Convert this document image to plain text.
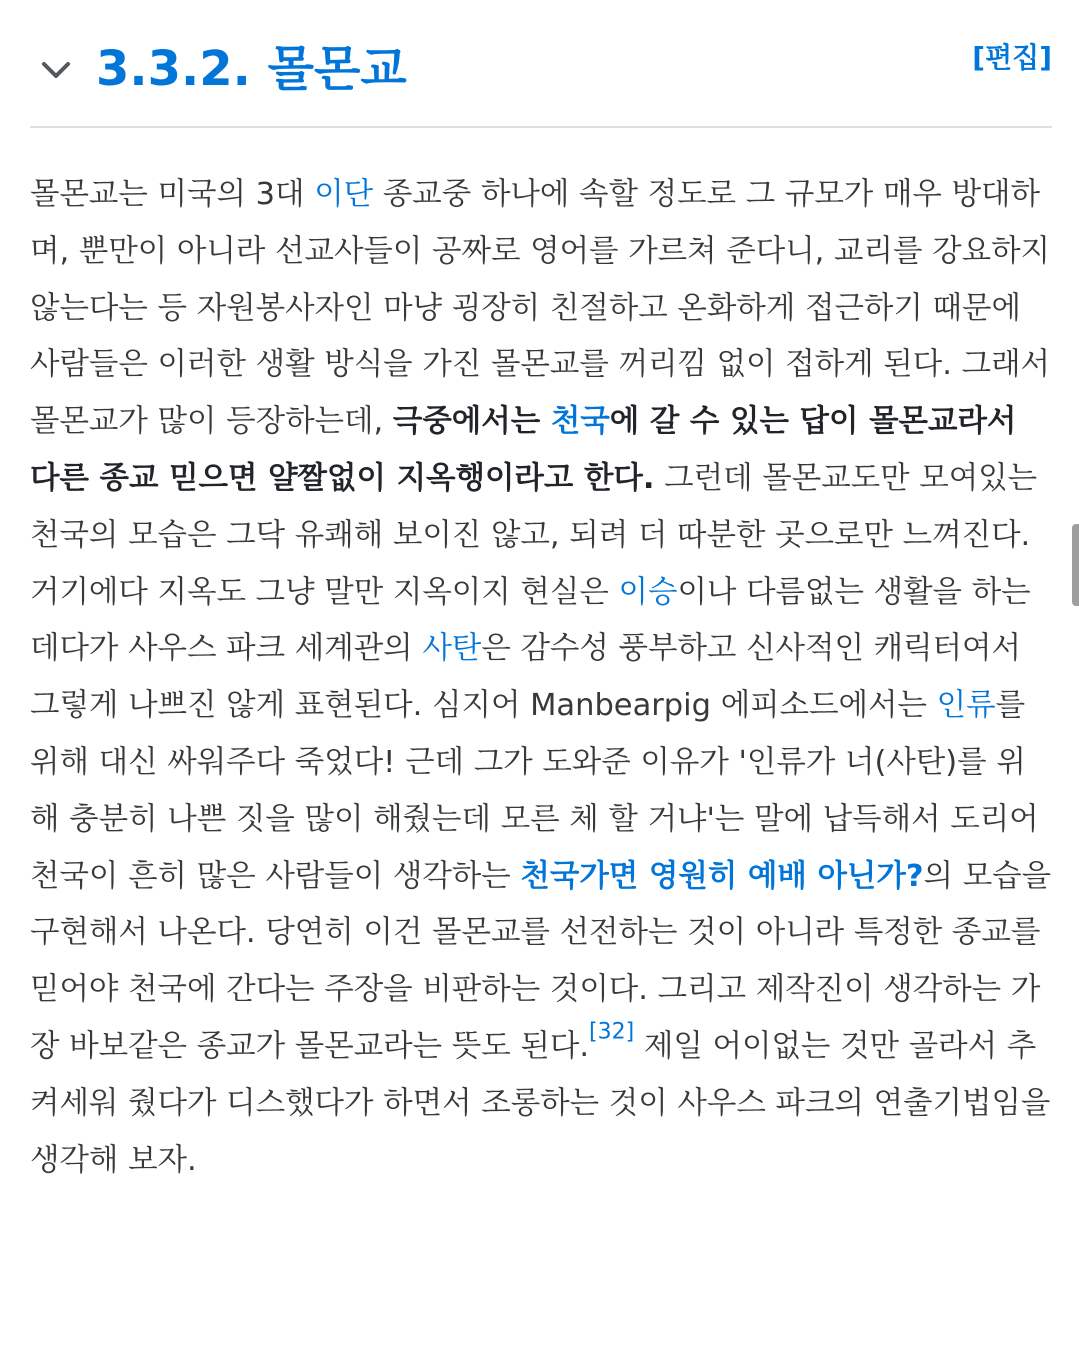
3.3.2. 몰몬교	[편집]

몰몬교는 미국의 3대 이단 종교중 하나에 속할 정도로 그 규모가 매우 방대하며, 뿐만이 아니라 선교사들이 공짜로 영어를 가르쳐 준다니, 교리를 강요하지 않는다는 등 자원봉사자인 마냥 굉장히 친절하고 온화하게 접근하기 때문에 사람들은 이러한 생활 방식을 가진 몰몬교를 꺼리낌 없이 접하게 된다. 그래서 몰몬교가 많이 등장하는데, 극중에서는 천국에 갈 수 있는 답이 몰몬교라서 다른 종교 믿으면 얄짤없이 지옥행이라고 한다. 그런데 몰몬교도만 모여있는 천국의 모습은 그닥 유쾌해 보이진 않고, 되려 더 따분한 곳으로만 느껴진다. 거기에다 지옥도 그냥 말만 지옥이지 현실은 이승이나 다름없는 생활을 하는데다가 사우스 파크 세계관의 사탄은 감수성 풍부하고 신사적인 캐릭터여서 그렇게 나쁘진 않게 표현된다. 심지어 Manbearpig 에피소드에서는 인류를 위해 대신 싸워주다 죽었다! 근데 그가 도와준 이유가 '인류가 너(사탄)를 위해 충분히 나쁜 짓을 많이 해줬는데 모른 체 할 거냐'는 말에 납득해서 도리어 천국이 흔히 많은 사람들이 생각하는 천국가면 영원히 예배 아닌가?의 모습을 구현해서 나온다. 당연히 이건 몰몬교를 선전하는 것이 아니라 특정한 종교를 믿어야 천국에 간다는 주장을 비판하는 것이다. 그리고 제작진이 생각하는 가장 바보같은 종교가 몰몬교라는 뜻도 된다.[32] 제일 어이없는 것만 골라서 추켜세워 줬다가 디스했다가 하면서 조롱하는 것이 사우스 파크의 연출기법임을 생각해 보자.
